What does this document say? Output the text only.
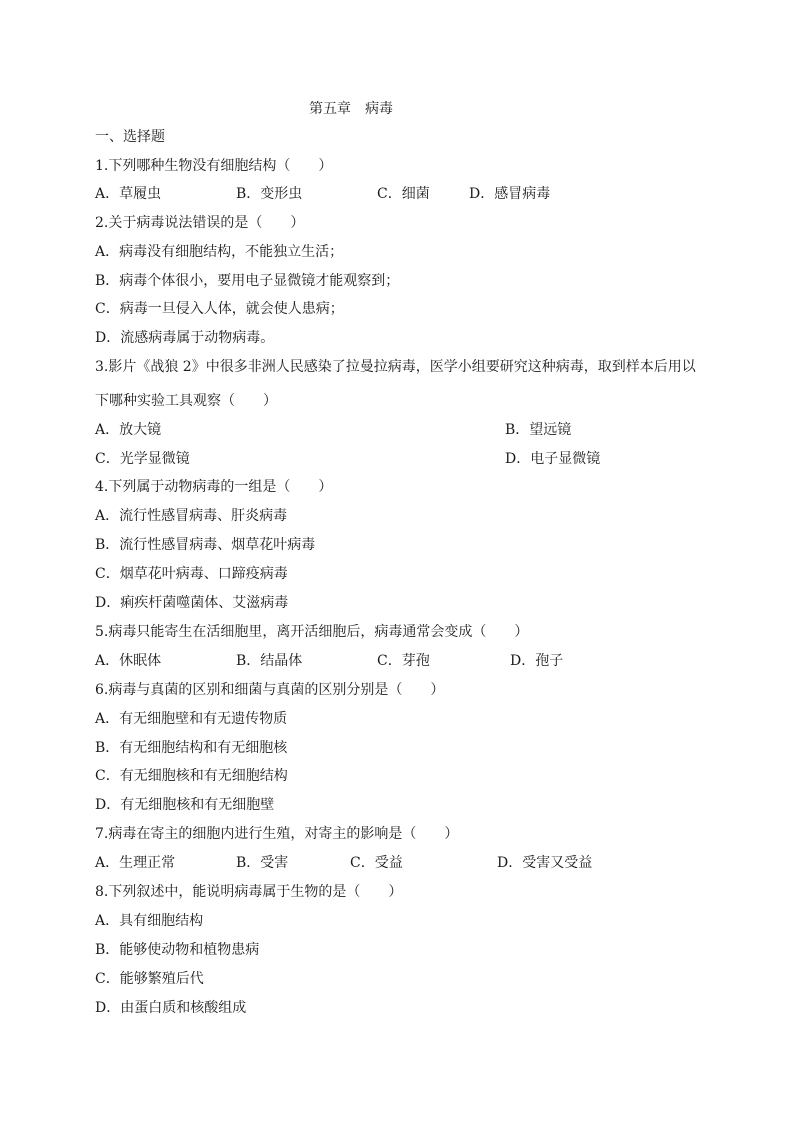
第五章 病毒
一、选择题
1.下列哪种生物没有细胞结构（　　）
A．草履虫	B．变形虫	C．细菌	D．感冒病毒
2.关于病毒说法错误的是（　　）
A．病毒没有细胞结构，不能独立生活；
B．病毒个体很小，要用电子显微镜才能观察到；
C．病毒一旦侵入人体，就会使人患病；
D．流感病毒属于动物病毒。
3.影片《战狼 2》中很多非洲人民感染了拉曼拉病毒，医学小组要研究这种病毒，取到样本后用以
下哪种实验工具观察（　　）
A．放大镜	B．望远镜
C．光学显微镜	D．电子显微镜
4.下列属于动物病毒的一组是（　　）
A．流行性感冒病毒、肝炎病毒
B．流行性感冒病毒、烟草花叶病毒
C．烟草花叶病毒、口蹄疫病毒
D．痢疾杆菌噬菌体、艾滋病毒
5.病毒只能寄生在活细胞里，离开活细胞后，病毒通常会变成（　　）
A．休眠体	B．结晶体	C．芽孢	D．孢子
6.病毒与真菌的区别和细菌与真菌的区别分别是（　　）
A．有无细胞壁和有无遗传物质
B．有无细胞结构和有无细胞核
C．有无细胞核和有无细胞结构
D．有无细胞核和有无细胞壁
7.病毒在寄主的细胞内进行生殖，对寄主的影响是（　　）
A．生理正常	B．受害	C．受益	D．受害又受益
8.下列叙述中，能说明病毒属于生物的是（　　）
A．具有细胞结构
B．能够使动物和植物患病
C．能够繁殖后代
D．由蛋白质和核酸组成
